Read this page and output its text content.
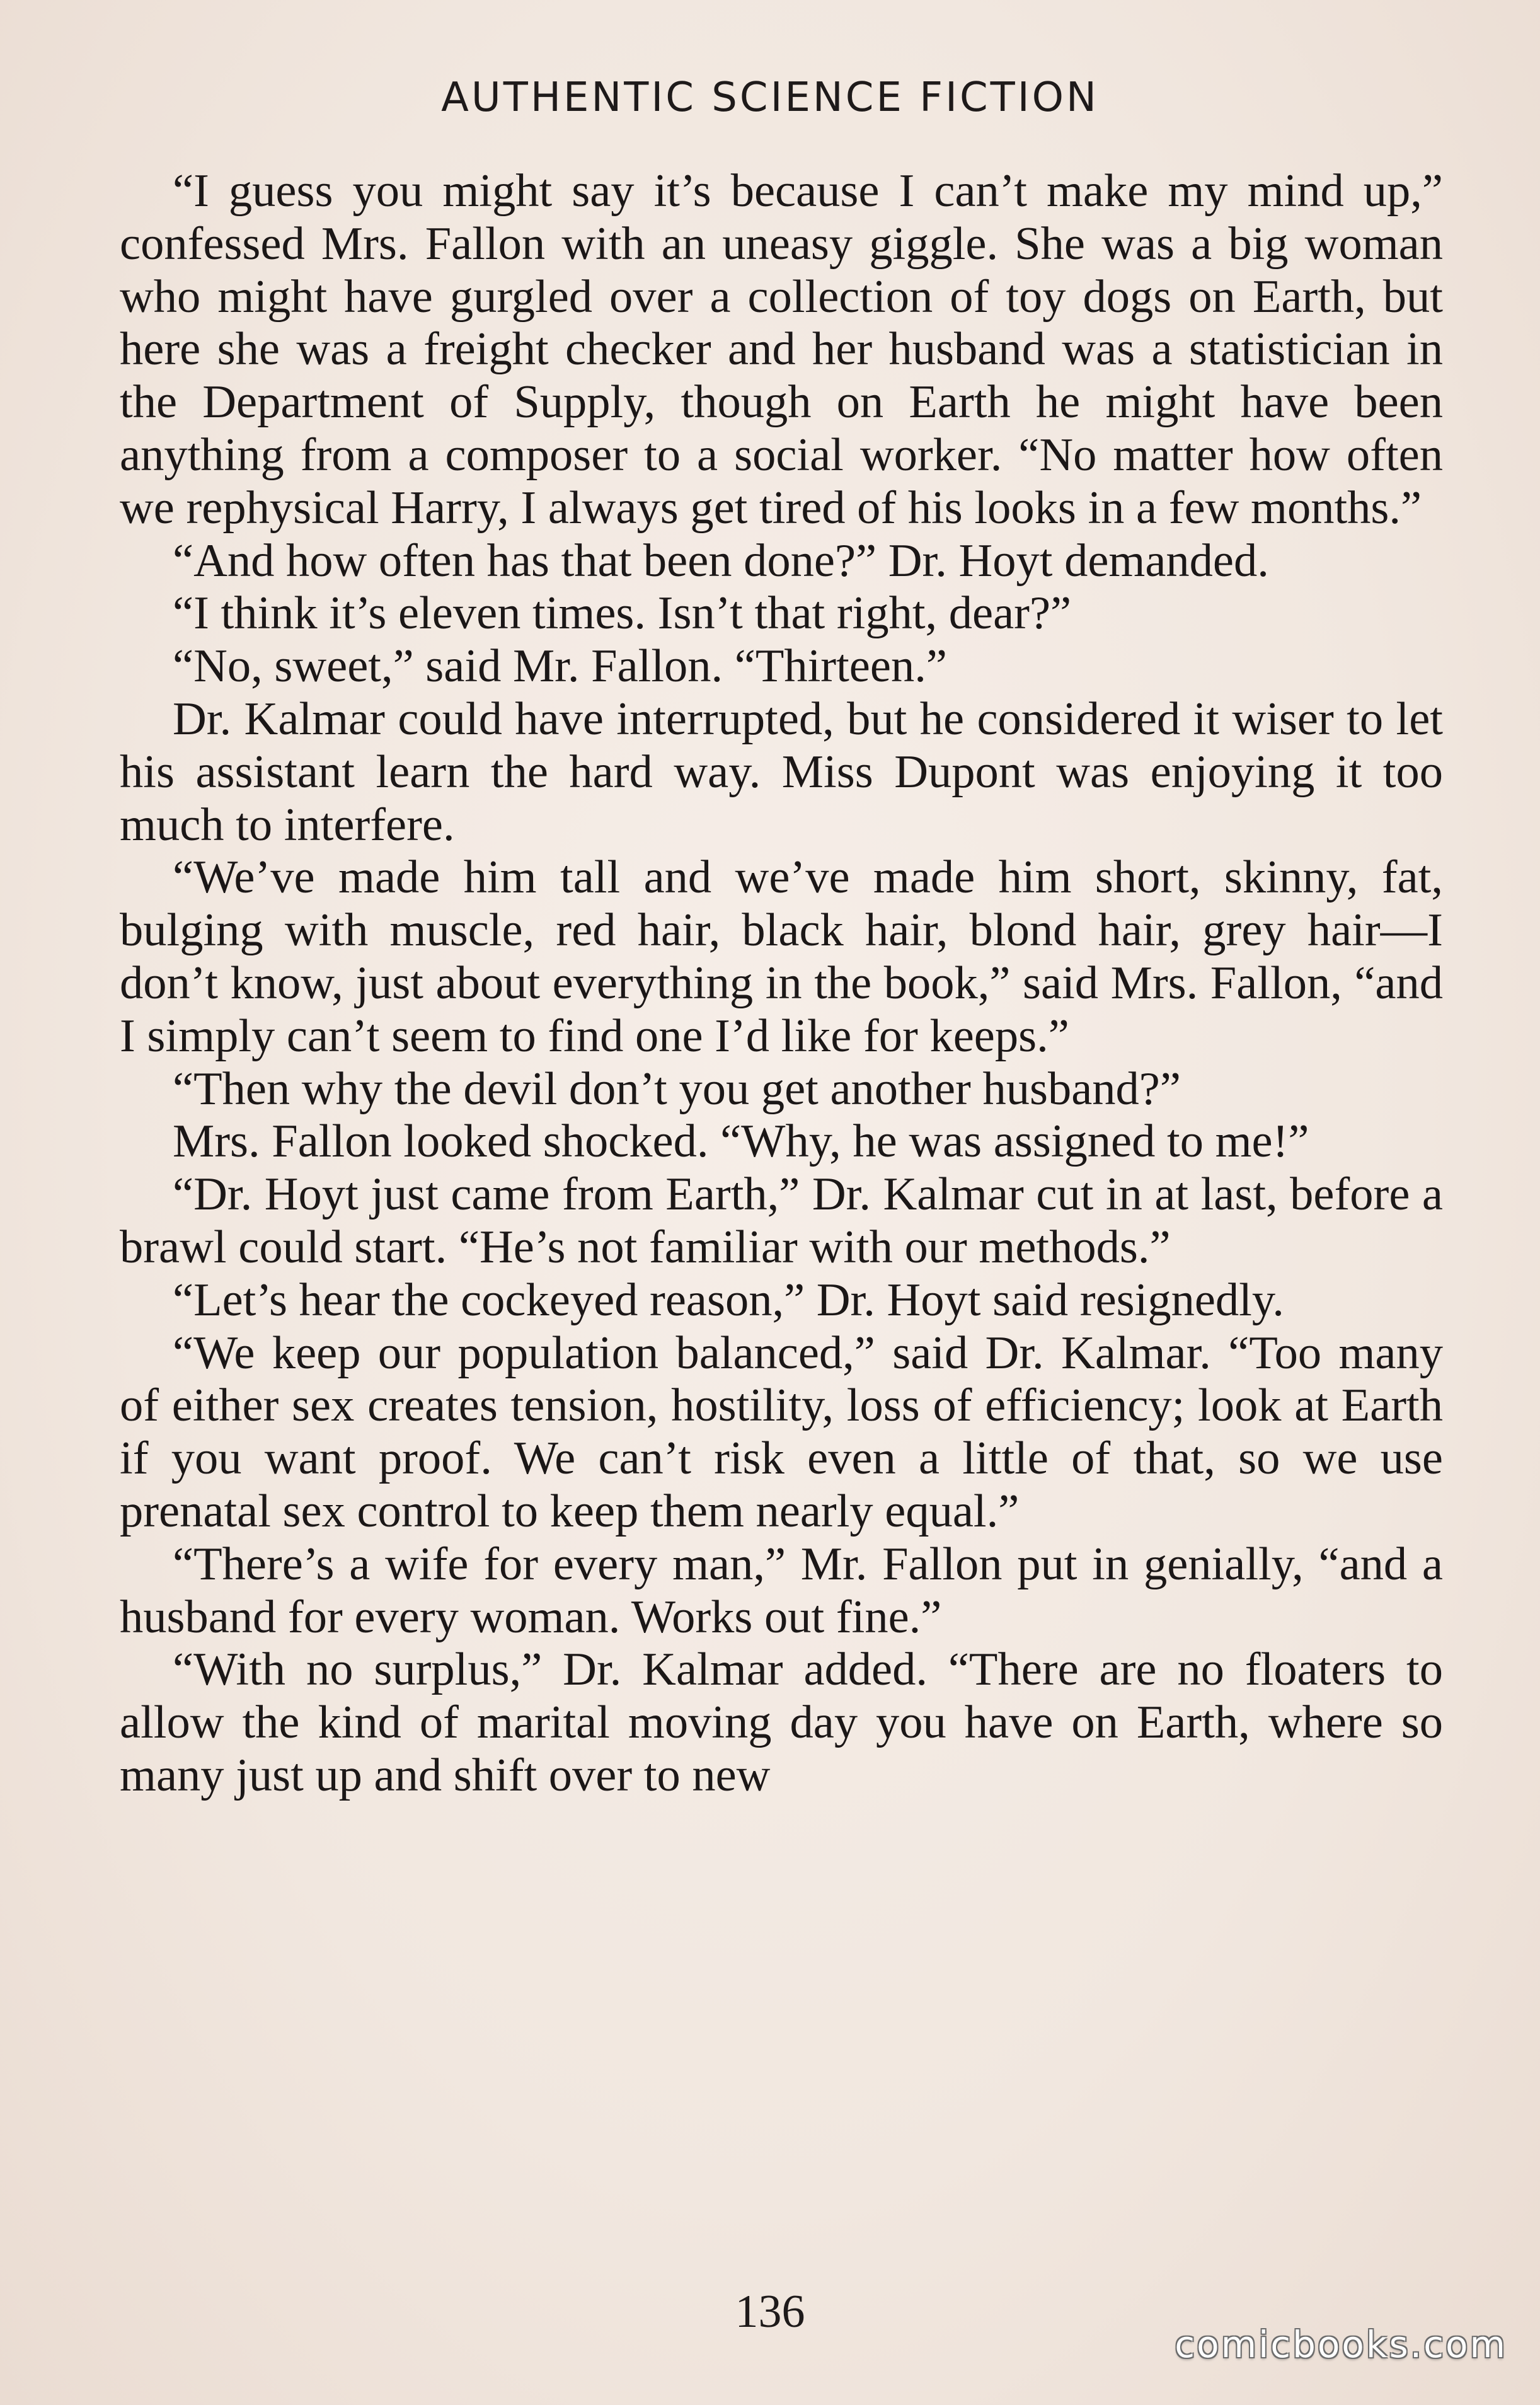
AUTHENTIC SCIENCE FICTION

“I guess you might say it’s because I can’t make my mind up,” confessed Mrs. Fallon with an uneasy giggle. She was a big woman who might have gurgled over a collection of toy dogs on Earth, but here she was a freight checker and her husband was a statistician in the Department of Supply, though on Earth he might have been anything from a composer to a social worker. “No matter how often we rephysical Harry, I always get tired of his looks in a few months.”

“And how often has that been done?” Dr. Hoyt demanded.

“I think it’s eleven times. Isn’t that right, dear?”

“No, sweet,” said Mr. Fallon. “Thirteen.”

Dr. Kalmar could have interrupted, but he considered it wiser to let his assistant learn the hard way. Miss Dupont was enjoying it too much to interfere.

“We’ve made him tall and we’ve made him short, skinny, fat, bulging with muscle, red hair, black hair, blond hair, grey hair—I don’t know, just about everything in the book,” said Mrs. Fallon, “and I simply can’t seem to find one I’d like for keeps.”

“Then why the devil don’t you get another husband?”

Mrs. Fallon looked shocked. “Why, he was assigned to me!”

“Dr. Hoyt just came from Earth,” Dr. Kalmar cut in at last, before a brawl could start. “He’s not familiar with our methods.”

“Let’s hear the cockeyed reason,” Dr. Hoyt said resignedly.

“We keep our population balanced,” said Dr. Kalmar. “Too many of either sex creates tension, hostility, loss of efficiency; look at Earth if you want proof. We can’t risk even a little of that, so we use prenatal sex control to keep them nearly equal.”

“There’s a wife for every man,” Mr. Fallon put in genially, “and a husband for every woman. Works out fine.”

“With no surplus,” Dr. Kalmar added. “There are no floaters to allow the kind of marital moving day you have on Earth, where so many just up and shift over to new

136
comicbooks.com
